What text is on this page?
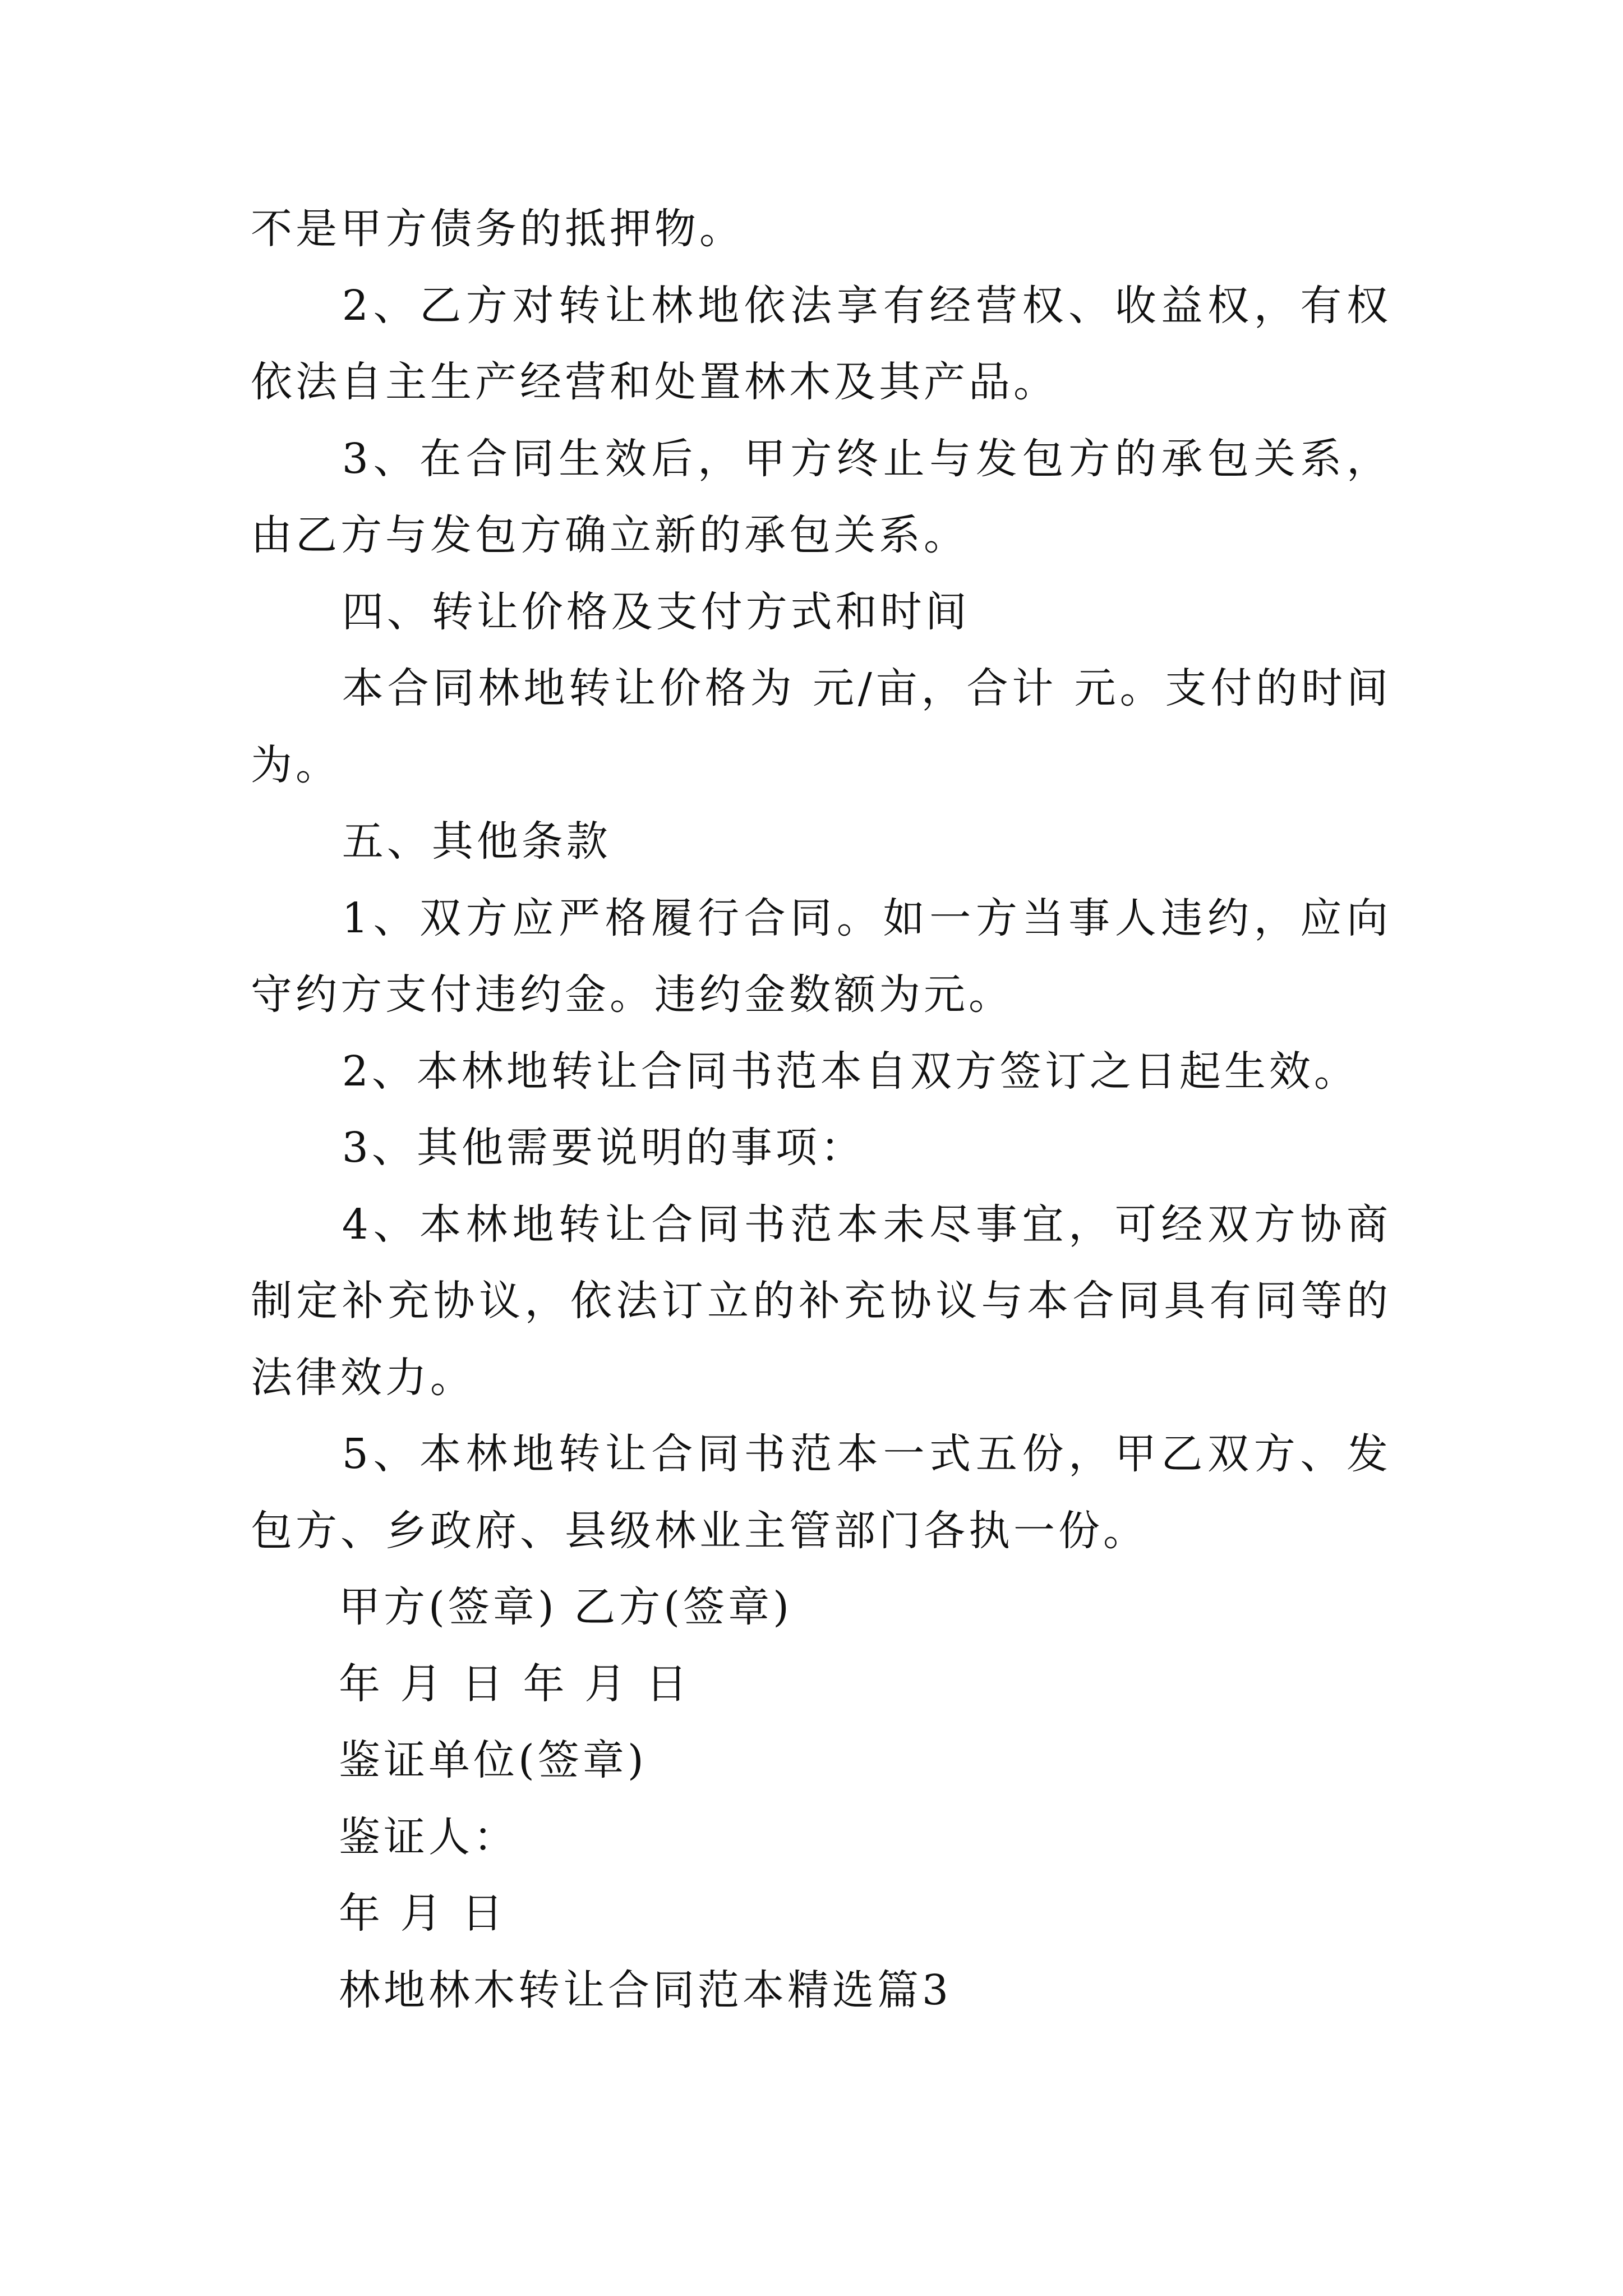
不是甲方债务的抵押物。

2、乙方对转让林地依法享有经营权、收益权，有权依法自主生产经营和处置林木及其产品。

3、在合同生效后，甲方终止与发包方的承包关系，由乙方与发包方确立新的承包关系。

四、转让价格及支付方式和时间

本合同林地转让价格为 元/亩，合计 元。支付的时间为。

五、其他条款

1、双方应严格履行合同。如一方当事人违约，应向守约方支付违约金。违约金数额为元。

2、本林地转让合同书范本自双方签订之日起生效。

3、其他需要说明的事项：

4、本林地转让合同书范本未尽事宜，可经双方协商制定补充协议，依法订立的补充协议与本合同具有同等的法律效力。

5、本林地转让合同书范本一式五份，甲乙双方、发包方、乡政府、县级林业主管部门各执一份。

甲方(签章) 乙方(签章)

年 月 日 年 月 日

鉴证单位(签章)

鉴证人：

年 月 日

林地林木转让合同范本精选篇3
